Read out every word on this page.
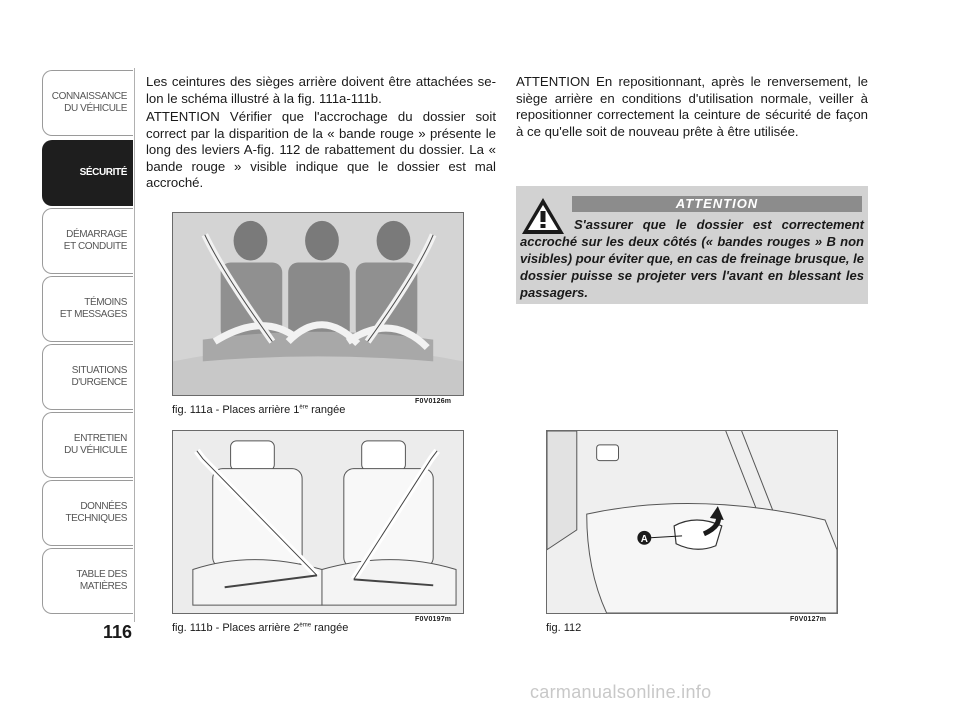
CONNAISSANCE
DU VÉHICULE
SÉCURITÉ
DÉMARRAGE
ET CONDUITE
TÉMOINS
ET MESSAGES
SITUATIONS
D'URGENCE
ENTRETIEN
DU VÉHICULE
DONNÉES
TECHNIQUES
TABLE DES
MATIÈRES
116

Les ceintures des sièges arrière doivent être attachées se-lon le schéma illustré à la fig. 111a-111b.

ATTENTION Vérifier que l'accrochage du dossier soit correct par la disparition de la « bande rouge » présente le long des leviers A-fig. 112 de rabattement du dossier. La « bande rouge » visible indique que le dossier est mal accroché.

ATTENTION En repositionnant, après le renversement, le siège arrière en conditions d'utilisation normale, veiller à repositionner correctement la ceinture de sécurité de façon à ce qu'elle soit de nouveau prête à être utilisée.

ATTENTION

S'assurer que le dossier est correctement accroché sur les deux côtés (« bandes rouges » B non visibles) pour éviter que, en cas de freinage brusque, le dossier puisse se projeter vers l'avant en blessant les passagers.

fig. 111a - Places arrière 1ère rangée
F0V0126m
fig. 111b - Places arrière 2ème rangée
F0V0197m
A
fig. 112
F0V0127m
carmanualsonline.info
